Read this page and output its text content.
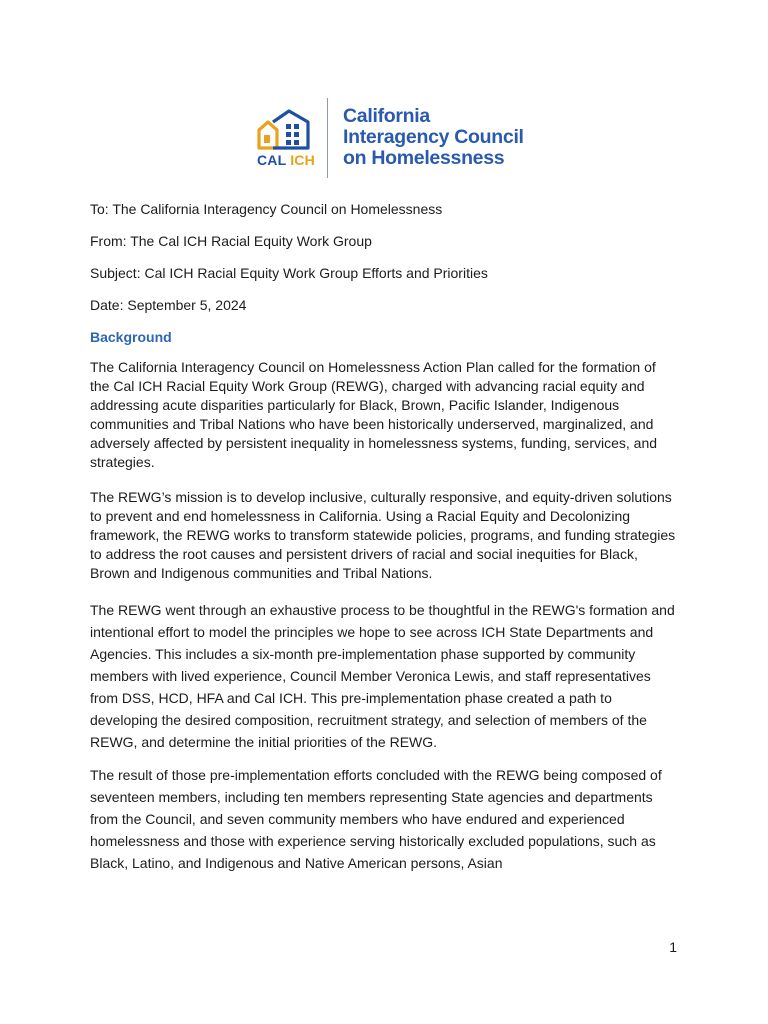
CAL ICH
California
Interagency Council
on Homelessness
To: The California Interagency Council on Homelessness
From: The Cal ICH Racial Equity Work Group
Subject: Cal ICH Racial Equity Work Group Efforts and Priorities
Date: September 5, 2024
Background

The California Interagency Council on Homelessness Action Plan called for the formation of the Cal ICH Racial Equity Work Group (REWG), charged with advancing racial equity and addressing acute disparities particularly for Black, Brown, Pacific Islander, Indigenous communities and Tribal Nations who have been historically underserved, marginalized, and adversely affected by persistent inequality in homelessness systems, funding, services, and strategies.

The REWG’s mission is to develop inclusive, culturally responsive, and equity-driven solutions to prevent and end homelessness in California. Using a Racial Equity and Decolonizing framework, the REWG works to transform statewide policies, programs, and funding strategies to address the root causes and persistent drivers of racial and social inequities for Black, Brown and Indigenous communities and Tribal Nations.

The REWG went through an exhaustive process to be thoughtful in the REWG's formation and intentional effort to model the principles we hope to see across ICH State Departments and Agencies. This includes a six-month pre-implementation phase supported by community members with lived experience, Council Member Veronica Lewis, and staff representatives from DSS, HCD, HFA and Cal ICH. This pre-implementation phase created a path to developing the desired composition, recruitment strategy, and selection of members of the REWG, and determine the initial priorities of the REWG.

The result of those pre-implementation efforts concluded with the REWG being composed of seventeen members, including ten members representing State agencies and departments from the Council, and seven community members who have endured and experienced homelessness and those with experience serving historically excluded populations, such as Black, Latino, and Indigenous and Native American persons, Asian

1
